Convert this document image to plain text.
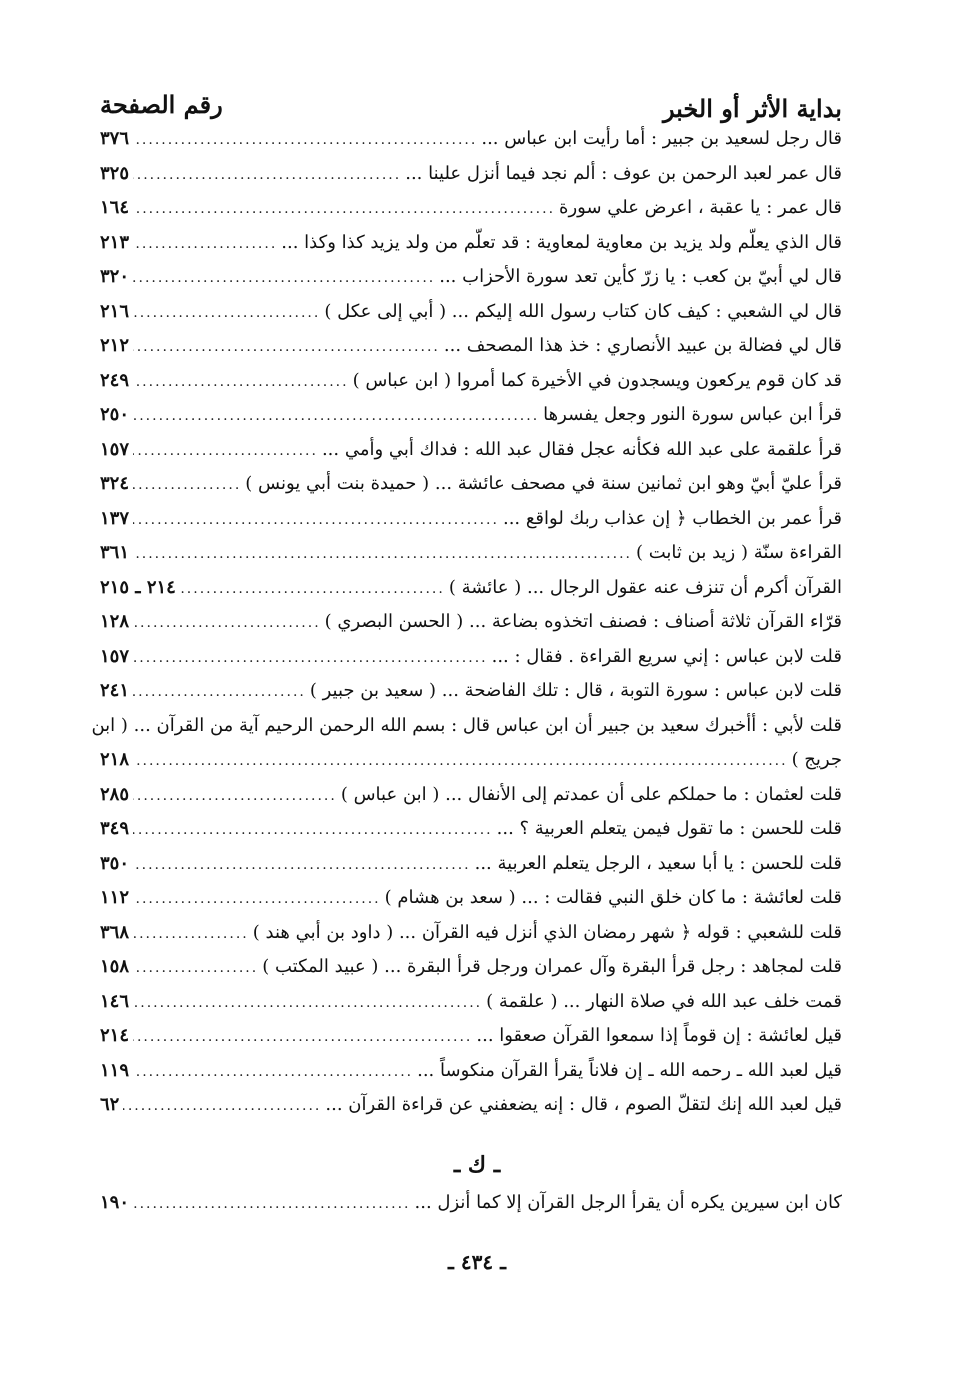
بداية الأثر أو الخبر
رقم الصفحة
قال رجل لسعيد بن جبير : أما رأيت ابن عباس ...
.....
٣٧٦
قال عمر لعبد الرحمن بن عوف : ألم نجد فيما أنزل علينا ...
.....
٣٢٥
قال عمر : يا عقبة ، اعرض علي سورة
.....
١٦٤
قال الذي يعلّم ولد يزيد بن معاوية لمعاوية : قد تعلّم من ولد يزيد كذا وكذا ...
.....
٢١٣
قال لي أبيّ بن كعب : يا زرّ كأين تعد سورة الأحزاب ...
.....
٣٢٠
قال لي الشعبي : كيف كان كتاب رسول الله إليكم ... ( أبي إلى عكل )
.....
٢١٦
قال لي فضالة بن عبيد الأنصاري : خذ هذا المصحف ...
.....
٢١٢
قد كان قوم يركعون ويسجدون في الأخيرة كما أمروا ( ابن عباس )
.....
٢٤٩
قرأ ابن عباس سورة النور وجعل يفسرها
.....
٢٥٠
قرأ علقمة على عبد الله فكأنه عجل فقال عبد الله : فداك أبي وأمي ...
.....
١٥٧
قرأ عليّ أبيّ وهو ابن ثمانين سنة في مصحف عائشة ... ( حميدة بنت أبي يونس )
.....
٣٢٤
قرأ عمر بن الخطاب ﴿ إن عذاب ربك لواقع ...
.....
١٣٧
القراءة سنّة ( زيد بن ثابت )
.....
٣٦١
القرآن أكرم أن تنزف عنه عقول الرجال ... ( عائشة )
.....
٢١٤ ـ ٢١٥
قرّاء القرآن ثلاثة أصناف : فصنف اتخذوه بضاعة ... ( الحسن البصري )
.....
١٢٨
قلت لابن عباس : إني سريع القراءة . فقال : ...
.....
١٥٧
قلت لابن عباس : سورة التوبة ، قال : تلك الفاضحة ... ( سعيد بن جبير )
.....
٢٤١
قلت لأبي : أأخبرك سعيد بن جبير أن ابن عباس قال : بسم الله الرحمن الرحيم آية من القرآن ... ( ابن
جريج )
.....
٢١٨
قلت لعثمان : ما حملكم على أن عمدتم إلى الأنفال ... ( ابن عباس )
.....
٢٨٥
قلت للحسن : ما تقول فيمن يتعلم العربية ؟ ...
.....
٣٤٩
قلت للحسن : يا أبا سعيد ، الرجل يتعلم العربية ...
.....
٣٥٠
قلت لعائشة : ما كان خلق النبي فقالت : ... ( سعد بن هشام )
.....
١١٢
قلت للشعبي : قوله ﴿ شهر رمضان الذي أنزل فيه القرآن ... ( داود بن أبي هند )
.....
٣٦٨
قلت لمجاهد : رجل قرأ البقرة وآل عمران ورجل قرأ البقرة ... ( عبيد المكتب )
.....
١٥٨
قمت خلف عبد الله في صلاة النهار ... ( علقمة )
.....
١٤٦
قيل لعائشة : إن قوماً إذا سمعوا القرآن صعقوا ...
.....
٢١٤
قيل لعبد الله ـ رحمه الله ـ إن فلاناً يقرأ القرآن منكوساً ...
.....
١١٩
قيل لعبد الله إنك لتقلّ الصوم ، قال : إنه يضعفني عن قراءة القرآن ...
.....
٦٢
ـ ك ـ
كان ابن سيرين يكره أن يقرأ الرجل القرآن إلا كما أنزل ...
.....
١٩٠
ـ ٤٣٤ ـ
